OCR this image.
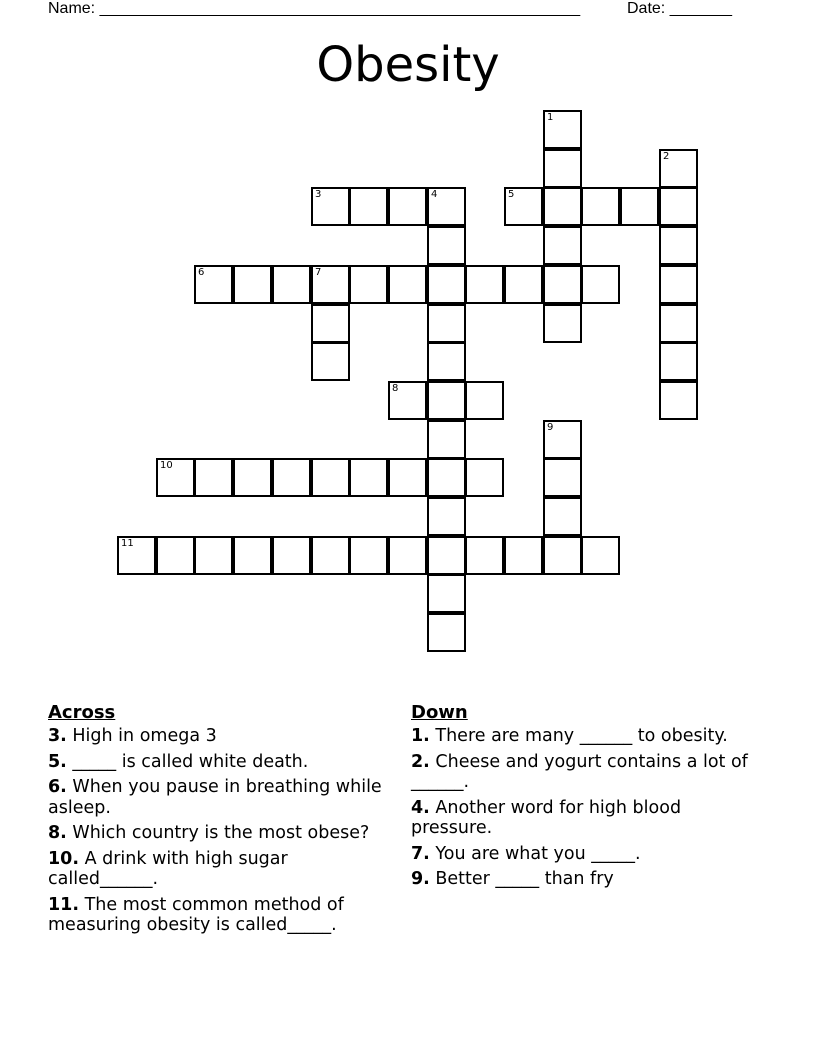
Name: ______________________________________________________	Date: _______
Obesity
1
2
3	4	5
6	7
8
9
10
11
Across
3. High in omega 3
5. _____ is called white death.
6. When you pause in breathing while asleep.
8. Which country is the most obese?
10. A drink with high sugar called______.
11. The most common method of measuring obesity is called_____.
Down
1. There are many ______ to obesity.
2. Cheese and yogurt contains a lot of ______.
4. Another word for high blood pressure.
7. You are what you _____.
9. Better _____ than fry
